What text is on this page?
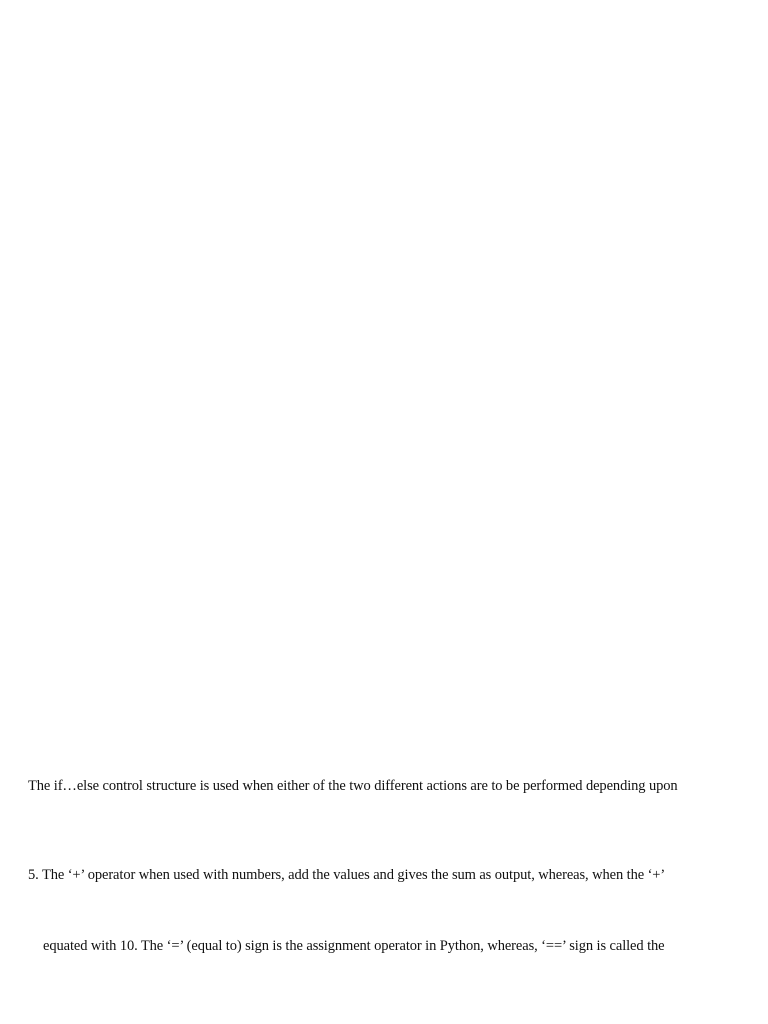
The if…else control structure is used when either of the two different actions are to be performed depending upon
5. The ‘+’ operator when used with numbers, add the values and gives the sum as output, whereas, when the ‘+’
equated with 10. The ‘=’ (equal to) sign is the assignment operator in Python, whereas, ‘==’ sign is called the
